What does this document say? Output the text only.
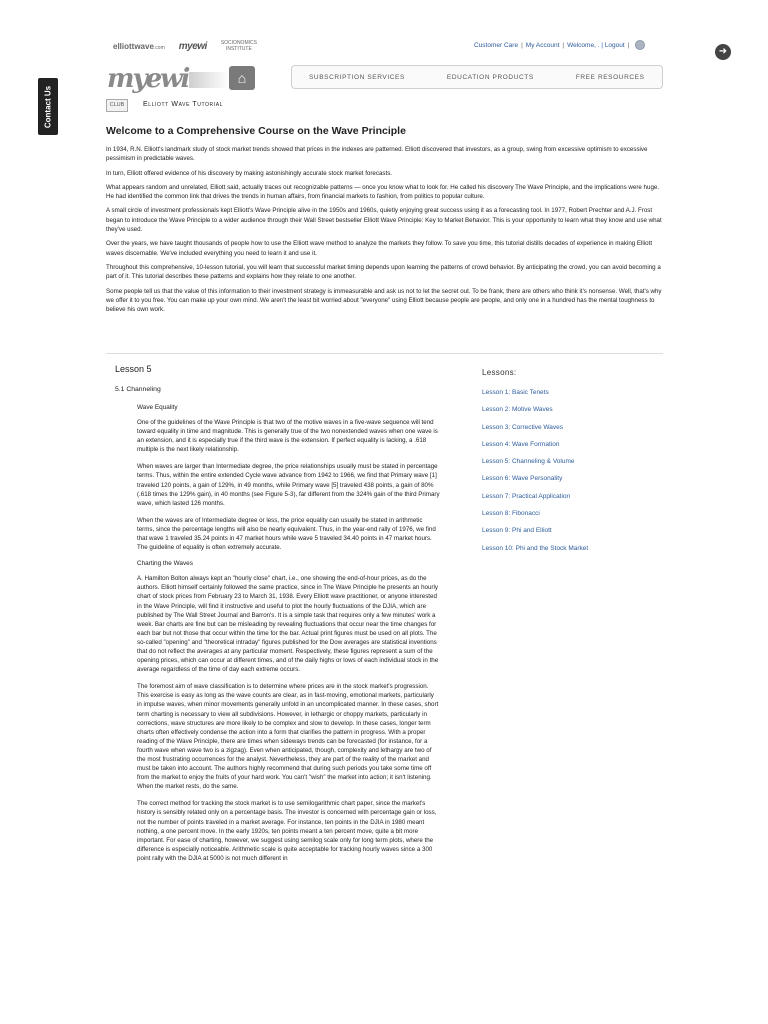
Contact Us
➜
elliottwave.com myewi	SOCIONOMICS
INSTITUTE
Customer Care | My Account | Welcome, . | Logout |
myewi	⌂	SUBSCRIPTION SERVICES	EDUCATION PRODUCTS	FREE RESOURCES
CLUB	Elliott Wave Tutorial
Welcome to a Comprehensive Course on the Wave Principle

In 1934, R.N. Elliott's landmark study of stock market trends showed that prices in the indexes are patterned. Elliott discovered that investors, as a group, swing from excessive optimism to excessive pessimism in predictable waves.

In turn, Elliott offered evidence of his discovery by making astonishingly accurate stock market forecasts.

What appears random and unrelated, Elliott said, actually traces out recognizable patterns — once you know what to look for. He called his discovery The Wave Principle, and the implications were huge. He had identified the common link that drives the trends in human affairs, from financial markets to fashion, from politics to popular culture.

A small circle of investment professionals kept Elliott's Wave Principle alive in the 1950s and 1960s, quietly enjoying great success using it as a forecasting tool. In 1977, Robert Prechter and A.J. Frost began to introduce the Wave Principle to a wider audience through their Wall Street bestseller Elliott Wave Principle: Key to Market Behavior. This is your opportunity to learn what they know and use what they've used.

Over the years, we have taught thousands of people how to use the Elliott wave method to analyze the markets they follow. To save you time, this tutorial distills decades of experience in making Elliott waves discernable. We've included everything you need to learn it and use it.

Throughout this comprehensive, 10-lesson tutorial, you will learn that successful market timing depends upon learning the patterns of crowd behavior. By anticipating the crowd, you can avoid becoming a part of it. This tutorial describes these patterns and explains how they relate to one another.

Some people tell us that the value of this information to their investment strategy is immeasurable and ask us not to let the secret out. To be frank, there are others who think it's nonsense. Well, that's why we offer it to you free. You can make up your own mind. We aren't the least bit worried about "everyone" using Elliott because people are people, and only one in a hundred has the mental toughness to believe his own work.

Lesson 5
5.1 Channeling
Wave Equality

One of the guidelines of the Wave Principle is that two of the motive waves in a five-wave sequence will tend toward equality in time and magnitude. This is generally true of the two nonextended waves when one wave is an extension, and it is especially true if the third wave is the extension. If perfect equality is lacking, a .618 multiple is the next likely relationship.

When waves are larger than Intermediate degree, the price relationships usually must be stated in percentage terms. Thus, within the entire extended Cycle wave advance from 1942 to 1966, we find that Primary wave [1] traveled 120 points, a gain of 129%, in 49 months, while Primary wave [5] traveled 438 points, a gain of 80% (.618 times the 129% gain), in 40 months (see Figure 5-3), far different from the 324% gain of the third Primary wave, which lasted 126 months.

When the waves are of Intermediate degree or less, the price equality can usually be stated in arithmetic terms, since the percentage lengths will also be nearly equivalent. Thus, in the year-end rally of 1976, we find that wave 1 traveled 35.24 points in 47 market hours while wave 5 traveled 34.40 points in 47 market hours. The guideline of equality is often extremely accurate.

Charting the Waves

A. Hamilton Bolton always kept an "hourly close" chart, i.e., one showing the end-of-hour prices, as do the authors. Elliott himself certainly followed the same practice, since in The Wave Principle he presents an hourly chart of stock prices from February 23 to March 31, 1938. Every Elliott wave practitioner, or anyone interested in the Wave Principle, will find it instructive and useful to plot the hourly fluctuations of the DJIA, which are published by The Wall Street Journal and Barron's. It is a simple task that requires only a few minutes' work a week. Bar charts are fine but can be misleading by revealing fluctuations that occur near the time changes for each bar but not those that occur within the time for the bar. Actual print figures must be used on all plots. The so-called "opening" and "theoretical intraday" figures published for the Dow averages are statistical inventions that do not reflect the averages at any particular moment. Respectively, these figures represent a sum of the opening prices, which can occur at different times, and of the daily highs or lows of each individual stock in the average regardless of the time of day each extreme occurs.

The foremost aim of wave classification is to determine where prices are in the stock market's progression. This exercise is easy as long as the wave counts are clear, as in fast-moving, emotional markets, particularly in impulse waves, when minor movements generally unfold in an uncomplicated manner. In these cases, short term charting is necessary to view all subdivisions. However, in lethargic or choppy markets, particularly in corrections, wave structures are more likely to be complex and slow to develop. In these cases, longer term charts often effectively condense the action into a form that clarifies the pattern in progress. With a proper reading of the Wave Principle, there are times when sideways trends can be forecasted (for instance, for a fourth wave when wave two is a zigzag). Even when anticipated, though, complexity and lethargy are two of the most frustrating occurrences for the analyst. Nevertheless, they are part of the reality of the market and must be taken into account. The authors highly recommend that during such periods you take some time off from the market to enjoy the fruits of your hard work. You can't "wish" the market into action; it isn't listening. When the market rests, do the same.

The correct method for tracking the stock market is to use semilogarithmic chart paper, since the market's history is sensibly related only on a percentage basis. The investor is concerned with percentage gain or loss, not the number of points traveled in a market average. For instance, ten points in the DJIA in 1980 meant nothing, a one percent move. In the early 1920s, ten points meant a ten percent move, quite a bit more important. For ease of charting, however, we suggest using semilog scale only for long term plots, where the difference is especially noticeable. Arithmetic scale is quite acceptable for tracking hourly waves since a 300 point rally with the DJIA at 5000 is not much different in

Lessons:
Lesson 1: Basic Tenets
Lesson 2: Motive Waves
Lesson 3: Corrective Waves
Lesson 4: Wave Formation
Lesson 5: Channeling & Volume
Lesson 6: Wave Personality
Lesson 7: Practical Application
Lesson 8: Fibonacci
Lesson 9: Phi and Elliott
Lesson 10: Phi and the Stock Market
